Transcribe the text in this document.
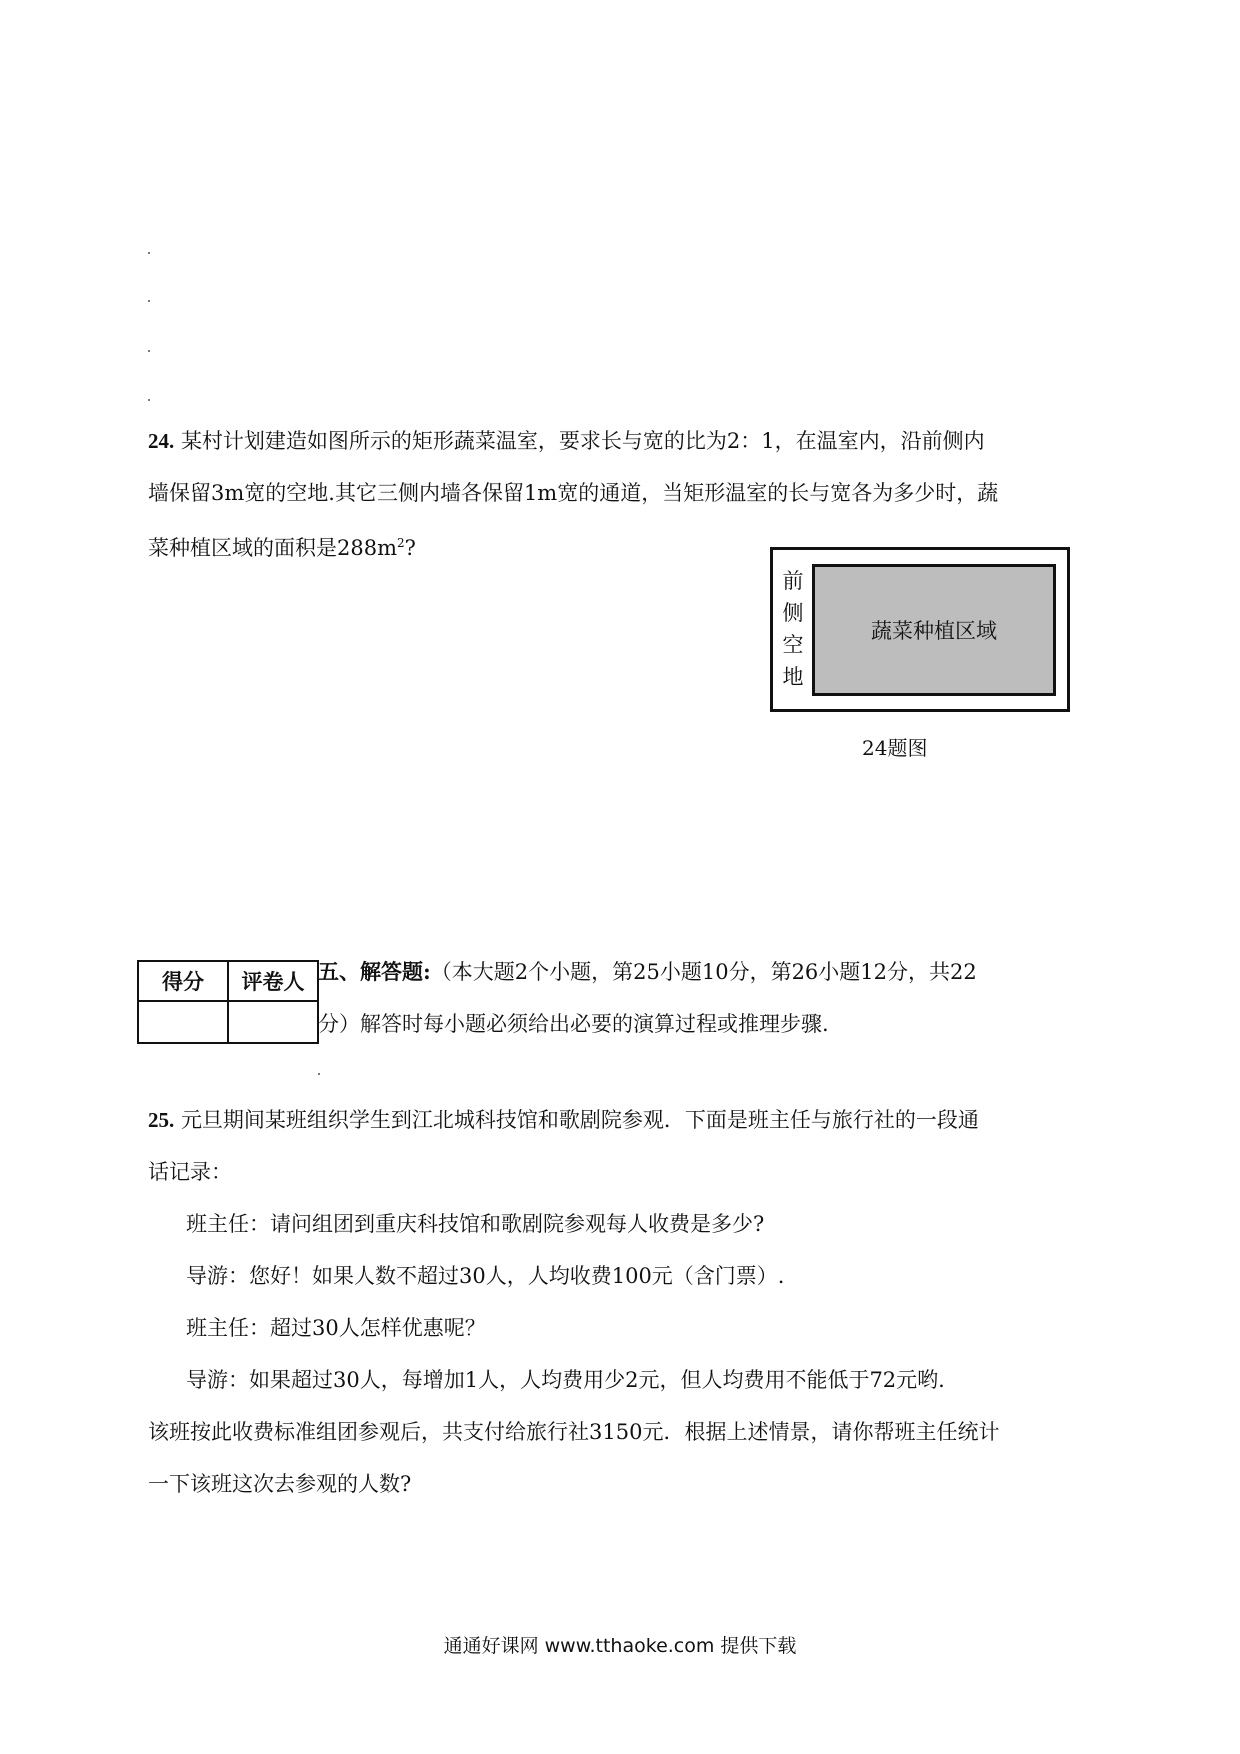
24. 某村计划建造如图所示的矩形蔬菜温室，要求长与宽的比为2：1，在温室内，沿前侧内
墙保留3m宽的空地.其它三侧内墙各保留1m宽的通道，当矩形温室的长与宽各为多少时，蔬
菜种植区域的面积是$288m^2$?
前
侧
空
地
蔬菜种植区域
24题图
得分	评卷人
	五、解答题:（本大题2个小题，第25小题10分，第26小题12分，共22
分）解答时每小题必须给出必要的演算过程或推理步骤.
25. 元旦期间某班组织学生到江北城科技馆和歌剧院参观．下面是班主任与旅行社的一段通
话记录：
班主任：请问组团到重庆科技馆和歌剧院参观每人收费是多少?
导游：您好！如果人数不超过30人，人均收费100元（含门票）.
班主任：超过30人怎样优惠呢？
导游：如果超过30人，每增加1人，人均费用少2元，但人均费用不能低于72元哟.
该班按此收费标准组团参观后，共支付给旅行社3150元．根据上述情景，请你帮班主任统计
一下该班这次去参观的人数?
通通好课网 www.tthaoke.com 提供下载
